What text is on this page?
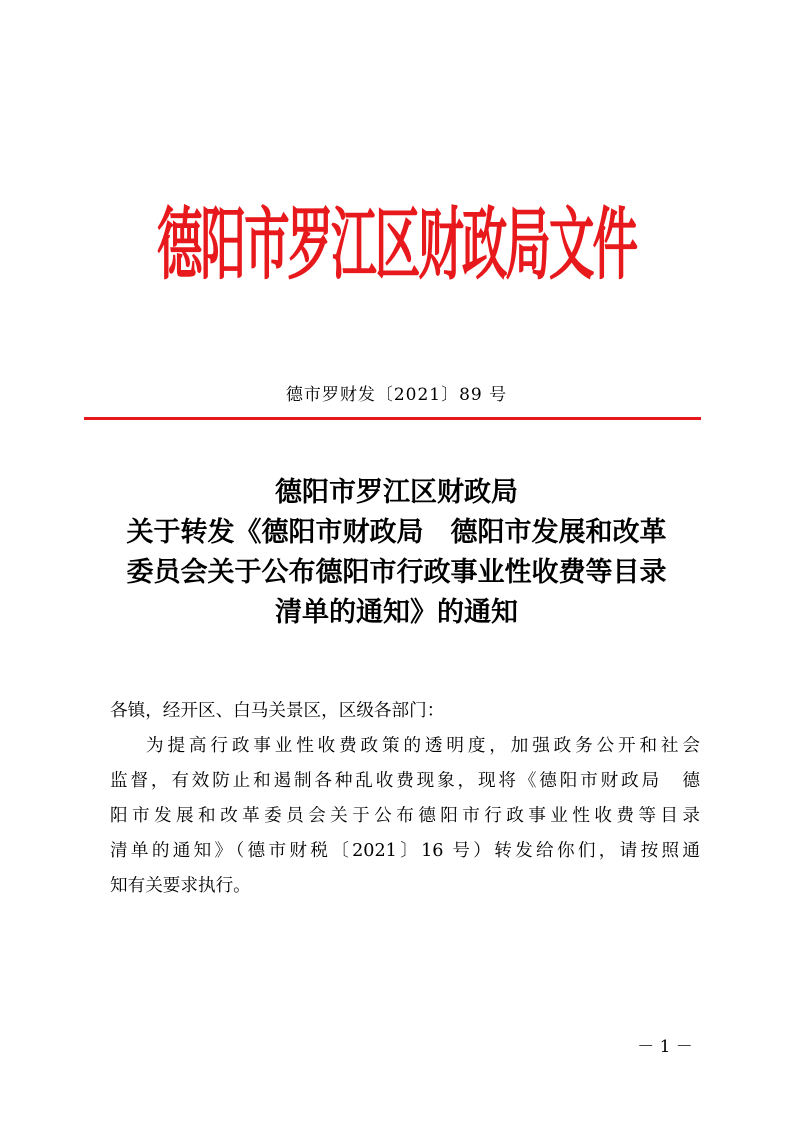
德阳市罗江区财政局文件
德市罗财发〔2021〕89 号
德阳市罗江区财政局
关于转发《德阳市财政局　德阳市发展和改革
委员会关于公布德阳市行政事业性收费等目录
清单的通知》的通知
各镇，经开区、白马关景区，区级各部门：
为提高行政事业性收费政策的透明度，加强政务公开和社会
监督，有效防止和遏制各种乱收费现象，现将《德阳市财政局　德
阳市发展和改革委员会关于公布德阳市行政事业性收费等目录
清单的通知》（德市财税〔2021〕16 号）转发给你们，请按照通
知有关要求执行。
－ 1 －
